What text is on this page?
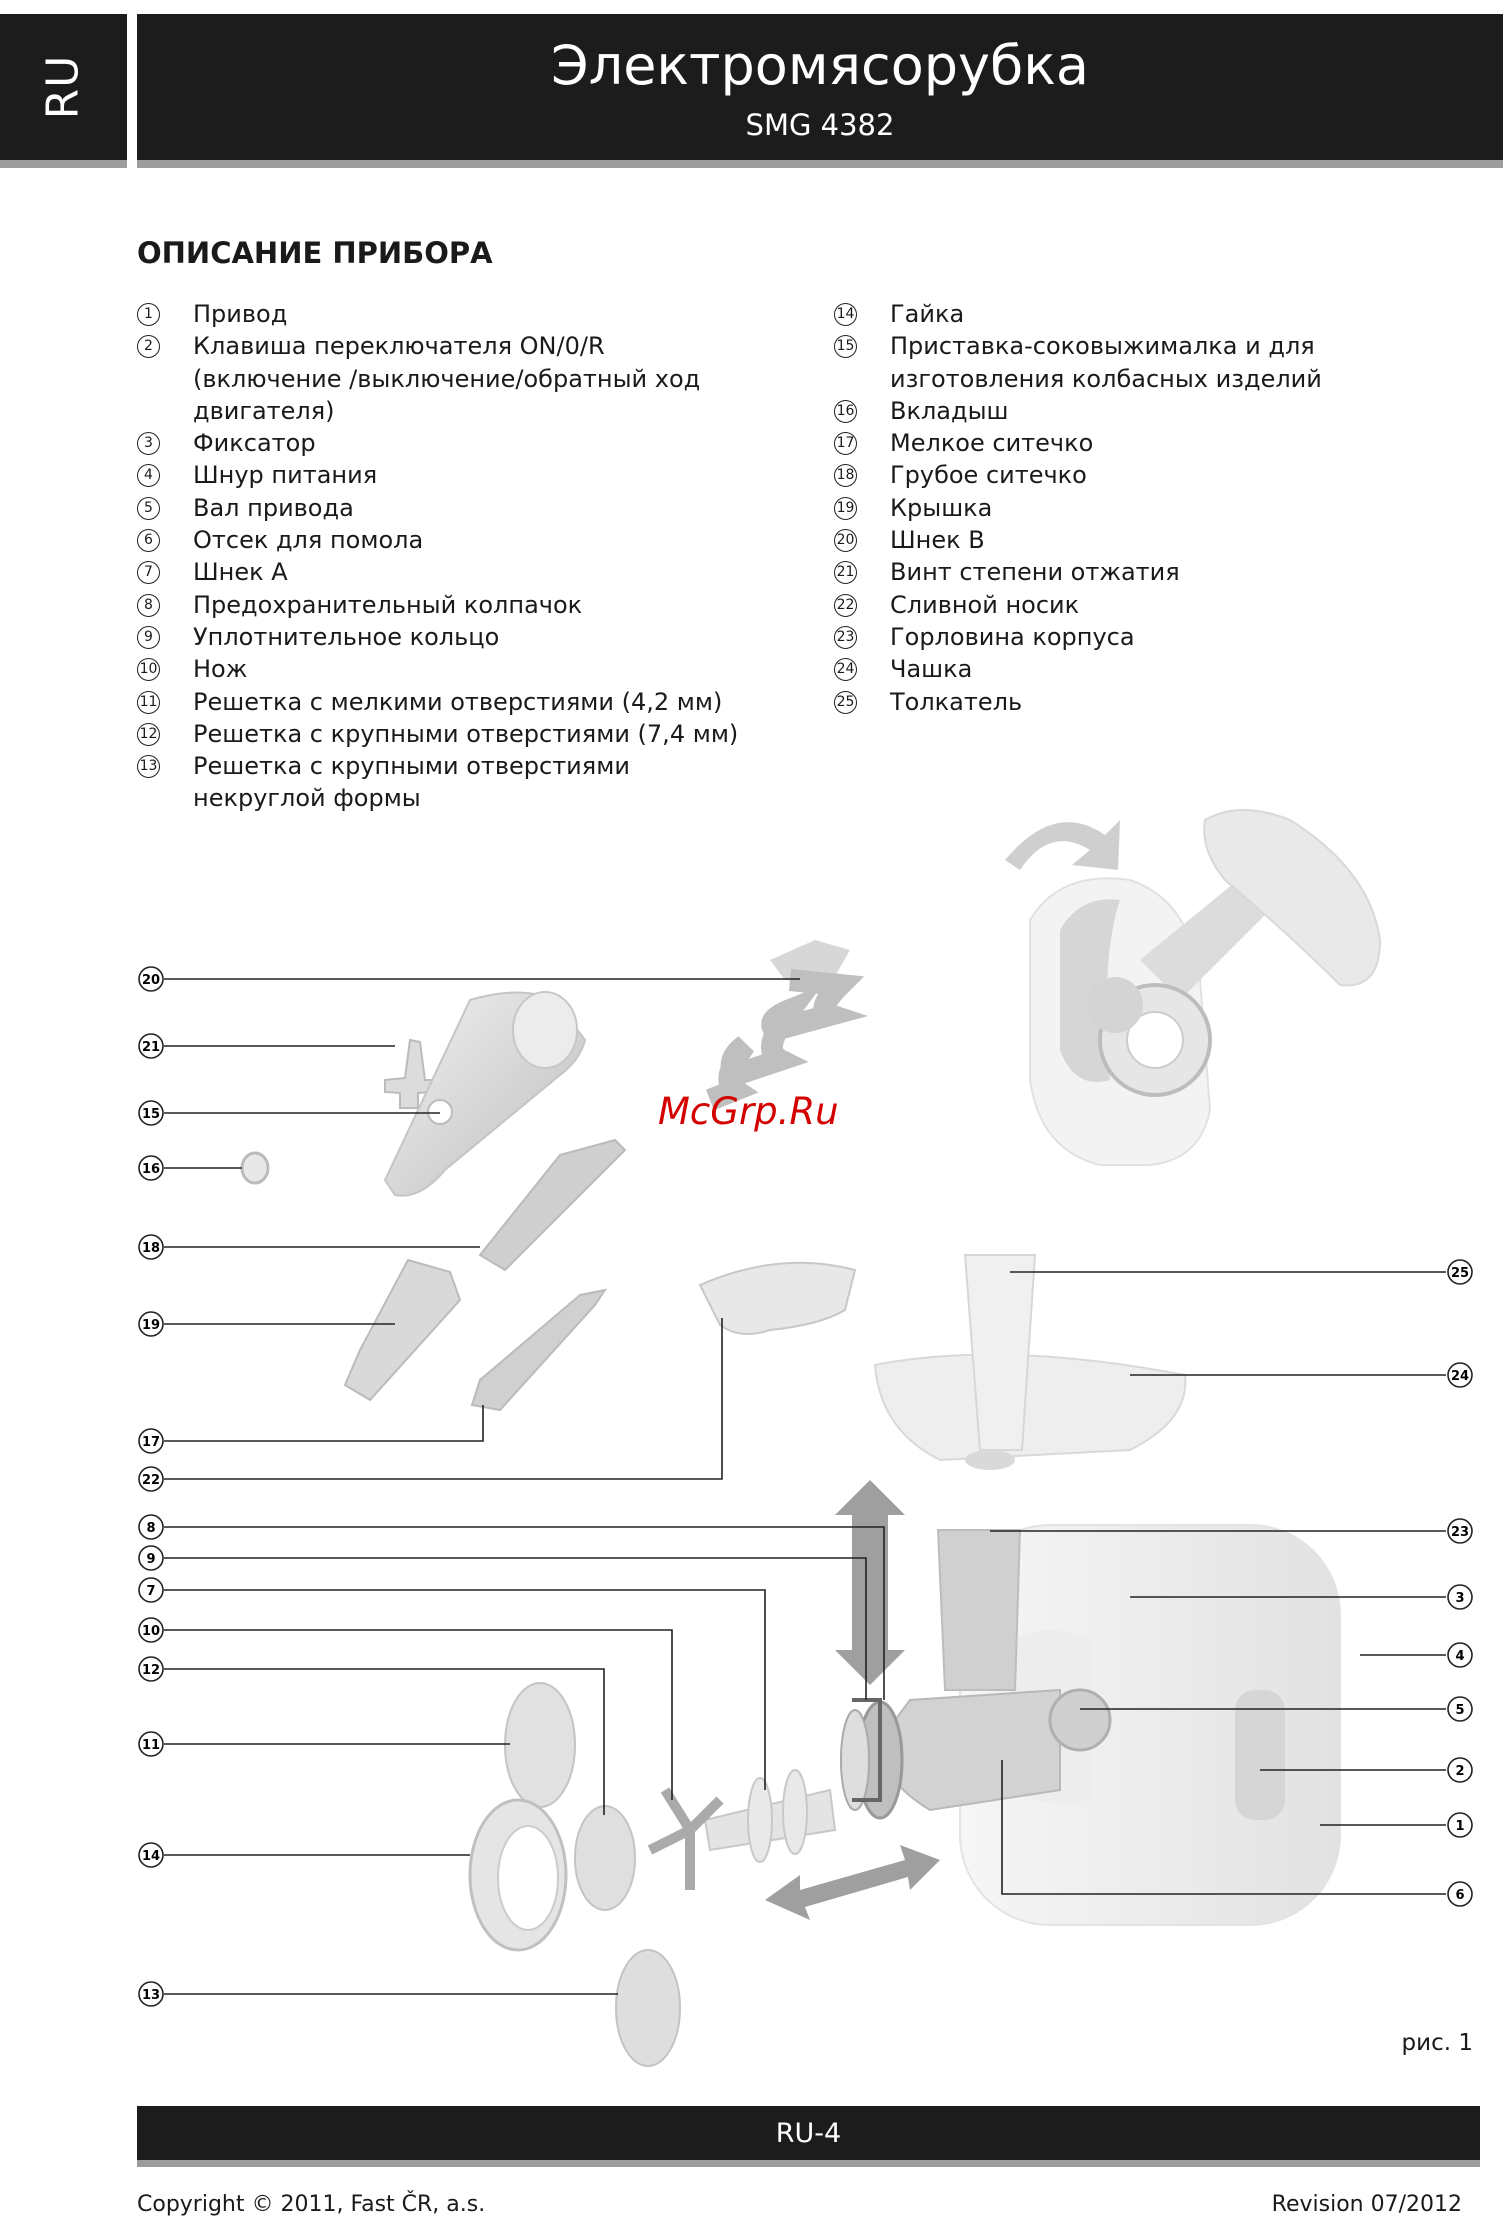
RU	Электромясорубка
SMG 4382
ОПИСАНИЕ ПРИБОРА
1 Привод
2 Клавиша переключателя ON/0/R (включение /выключение/обратный ход двигателя)
3 Фиксатор
4 Шнур питания
5 Вал привода
6 Отсек для помола
7 Шнек A
8 Предохранительный колпачок
9 Уплотнительное кольцо
10 Нож
11 Решетка с мелкими отверстиями (4,2 мм)
12 Решетка с крупными отверстиями (7,4 мм)
13 Решетка с крупными отверстиями некруглой формы
14 Гайка
15 Приставка-соковыжималка и для изготовления колбасных изделий
16 Вкладыш
17 Мелкое ситечко
18 Грубое ситечко
19 Крышка
20 Шнек B
21 Винт степени отжатия
22 Сливной носик
23 Горловина корпуса
24 Чашка
25 Толкатель
20
21
15
16
18
19
17
22
8
9
7
10
12
11
14
13
25
24
23
3
4
5
2
1
6
McGrp.Ru
рис. 1
RU-4
Copyright © 2011, Fast ČR, a.s.	Revision 07/2012
